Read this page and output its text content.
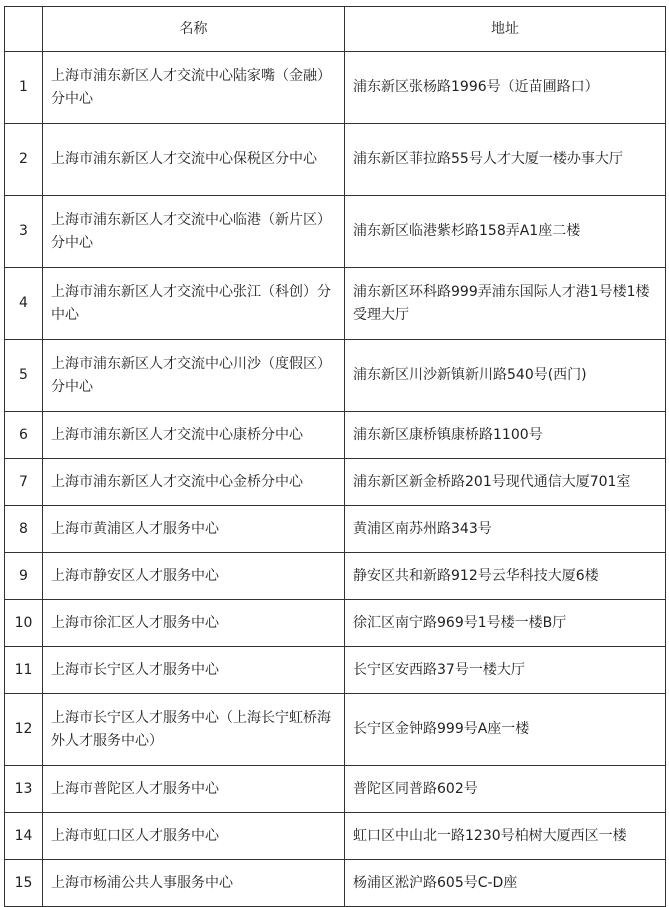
	名称	地址
1	上海市浦东新区人才交流中心陆家嘴（金融）分中心	浦东新区张杨路1996号（近苗圃路口）
2	上海市浦东新区人才交流中心保税区分中心	浦东新区菲拉路55号人才大厦一楼办事大厅
3	上海市浦东新区人才交流中心临港（新片区）分中心	浦东新区临港紫杉路158弄A1座二楼
4	上海市浦东新区人才交流中心张江（科创）分中心	浦东新区环科路999弄浦东国际人才港1号楼1楼受理大厅
5	上海市浦东新区人才交流中心川沙（度假区）分中心	浦东新区川沙新镇新川路540号(西门)
6	上海市浦东新区人才交流中心康桥分中心	浦东新区康桥镇康桥路1100号
7	上海市浦东新区人才交流中心金桥分中心	浦东新区新金桥路201号现代通信大厦701室
8	上海市黄浦区人才服务中心	黄浦区南苏州路343号
9	上海市静安区人才服务中心	静安区共和新路912号云华科技大厦6楼
10	上海市徐汇区人才服务中心	徐汇区南宁路969号1号楼一楼B厅
11	上海市长宁区人才服务中心	长宁区安西路37号一楼大厅
12	上海市长宁区人才服务中心（上海长宁虹桥海外人才服务中心）	长宁区金钟路999号A座一楼
13	上海市普陀区人才服务中心	普陀区同普路602号
14	上海市虹口区人才服务中心	虹口区中山北一路1230号柏树大厦西区一楼
15	上海市杨浦公共人事服务中心	杨浦区淞沪路605号C-D座
